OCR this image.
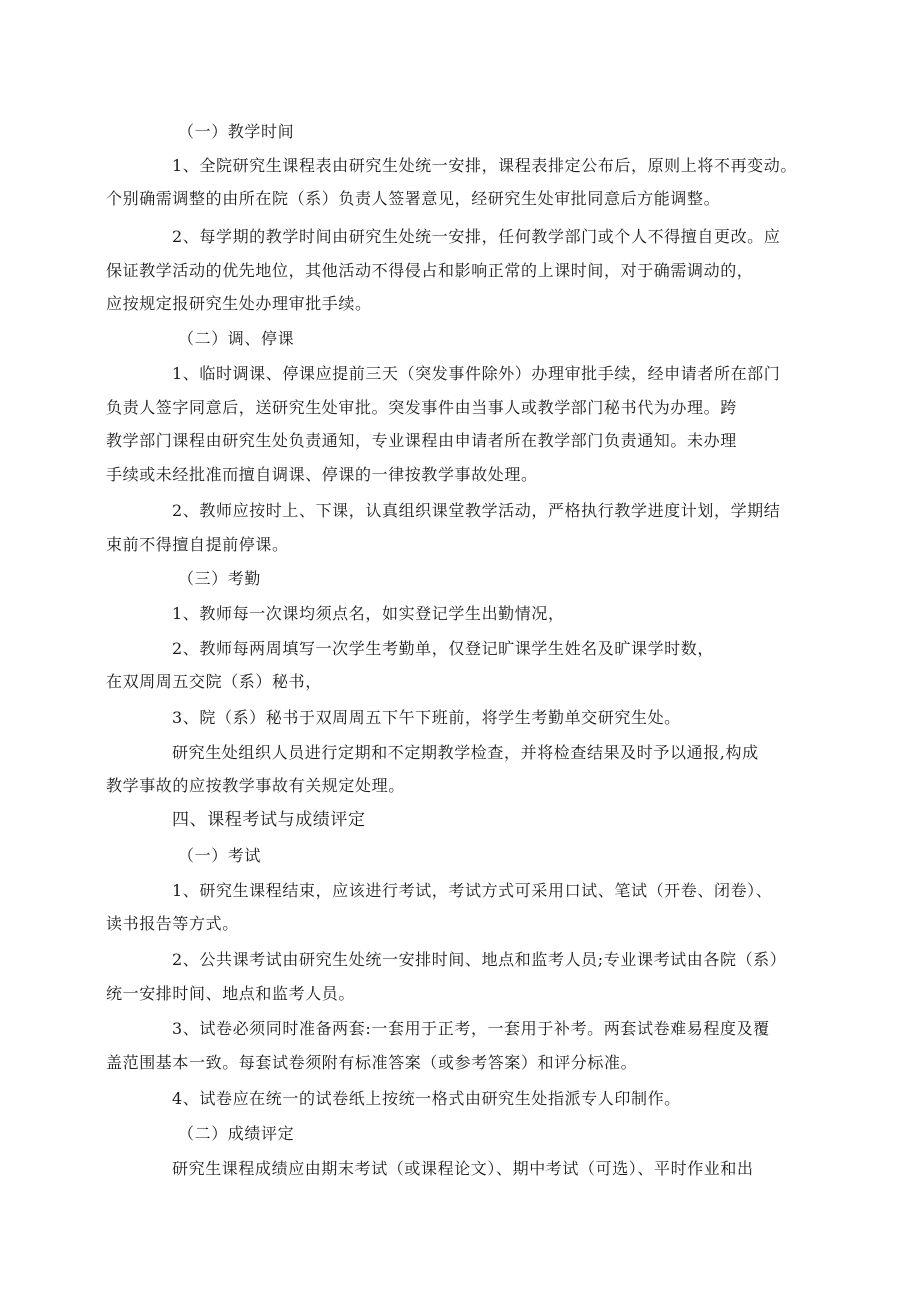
（一）教学时间
1、全院研究生课程表由研究生处统一安排，课程表排定公布后，原则上将不再变动。
个别确需调整的由所在院（系）负责人签署意见，经研究生处审批同意后方能调整。
2、每学期的教学时间由研究生处统一安排，任何教学部门或个人不得擅自更改。应
保证教学活动的优先地位，其他活动不得侵占和影响正常的上课时间，对于确需调动的，
应按规定报研究生处办理审批手续。
（二）调、停课
1、临时调课、停课应提前三天（突发事件除外）办理审批手续，经申请者所在部门
负责人签字同意后，送研究生处审批。突发事件由当事人或教学部门秘书代为办理。跨
教学部门课程由研究生处负责通知，专业课程由申请者所在教学部门负责通知。未办理
手续或未经批准而擅自调课、停课的一律按教学事故处理。
2、教师应按时上、下课，认真组织课堂教学活动，严格执行教学进度计划，学期结
束前不得擅自提前停课。
（三）考勤
1、教师每一次课均须点名，如实登记学生出勤情况，
2、教师每两周填写一次学生考勤单，仅登记旷课学生姓名及旷课学时数，
在双周周五交院（系）秘书，
3、院（系）秘书于双周周五下午下班前，将学生考勤单交研究生处。
研究生处组织人员进行定期和不定期教学检查，并将检查结果及时予以通报,构成
教学事故的应按教学事故有关规定处理。
四、课程考试与成绩评定
（一）考试
1、研究生课程结束，应该进行考试，考试方式可采用口试、笔试（开卷、闭卷）、
读书报告等方式。
2、公共课考试由研究生处统一安排时间、地点和监考人员;专业课考试由各院（系）
统一安排时间、地点和监考人员。
3、试卷必须同时准备两套:一套用于正考，一套用于补考。两套试卷难易程度及覆
盖范围基本一致。每套试卷须附有标准答案（或参考答案）和评分标准。
4、试卷应在统一的试卷纸上按统一格式由研究生处指派专人印制作。
（二）成绩评定
研究生课程成绩应由期末考试（或课程论文）、期中考试（可选）、平时作业和出
